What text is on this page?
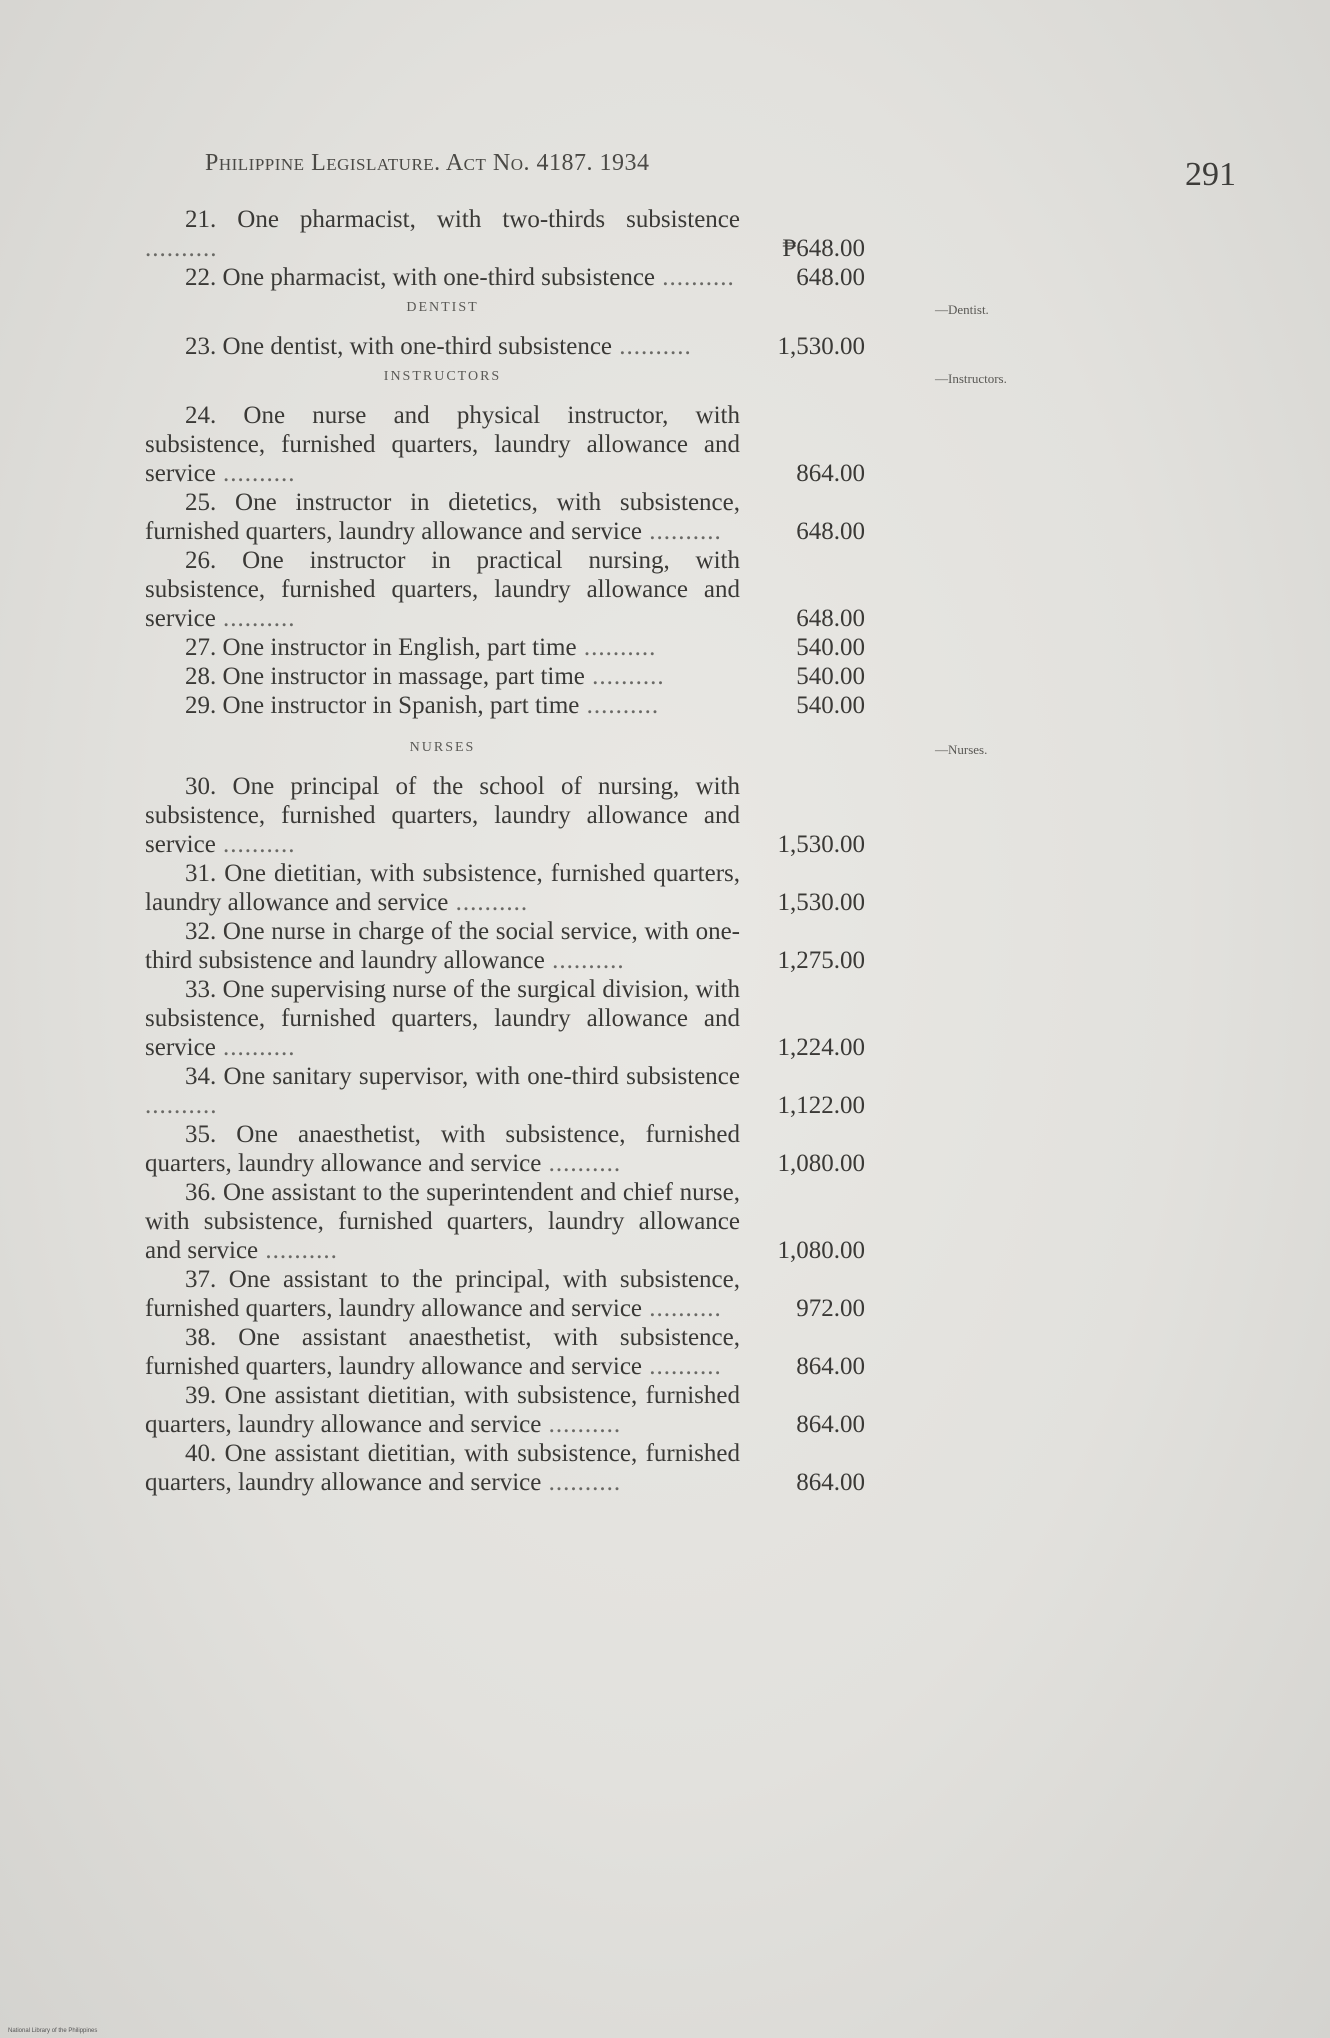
Philippine Legislature. Act No. 4187. 1934	291
21. One pharmacist, with two-thirds subsistence ..........	₱648.00
22. One pharmacist, with one-third subsistence .......... 648.00
DENTIST	—Dentist.
23. One dentist, with one-third subsistence ..........	1,530.00
INSTRUCTORS	—Instructors.
24. One nurse and physical instructor, with subsistence, furnished quarters, laundry allowance and service ..........	864.00
25. One instructor in dietetics, with subsistence, furnished quarters, laundry allowance and service ..........	648.00
26. One instructor in practical nursing, with subsistence, furnished quarters, laundry allowance and service ..........	648.00
27. One instructor in English, part time ..........	540.00
28. One instructor in massage, part time ..........	540.00
29. One instructor in Spanish, part time ..........	540.00
NURSES	—Nurses.
30. One principal of the school of nursing, with subsistence, furnished quarters, laundry allowance and service ..........	1,530.00
31. One dietitian, with subsistence, furnished quarters, laundry allowance and service ..........	1,530.00
32. One nurse in charge of the social service, with one-third subsistence and laundry allowance ..........	1,275.00
33. One supervising nurse of the surgical division, with subsistence, furnished quarters, laundry allowance and service ..........	1,224.00
34. One sanitary supervisor, with one-third subsistence ..........	1,122.00
35. One anaesthetist, with subsistence, furnished quarters, laundry allowance and service ..........	1,080.00
36. One assistant to the superintendent and chief nurse, with subsistence, furnished quarters, laundry allowance and service ..........	1,080.00
37. One assistant to the principal, with subsistence, furnished quarters, laundry allowance and service ..........	972.00
38. One assistant anaesthetist, with subsistence, furnished quarters, laundry allowance and service ..........	864.00
39. One assistant dietitian, with subsistence, furnished quarters, laundry allowance and service ..........	864.00
40. One assistant dietitian, with subsistence, furnished quarters, laundry allowance and service ..........	864.00
National Library of the Philippines
